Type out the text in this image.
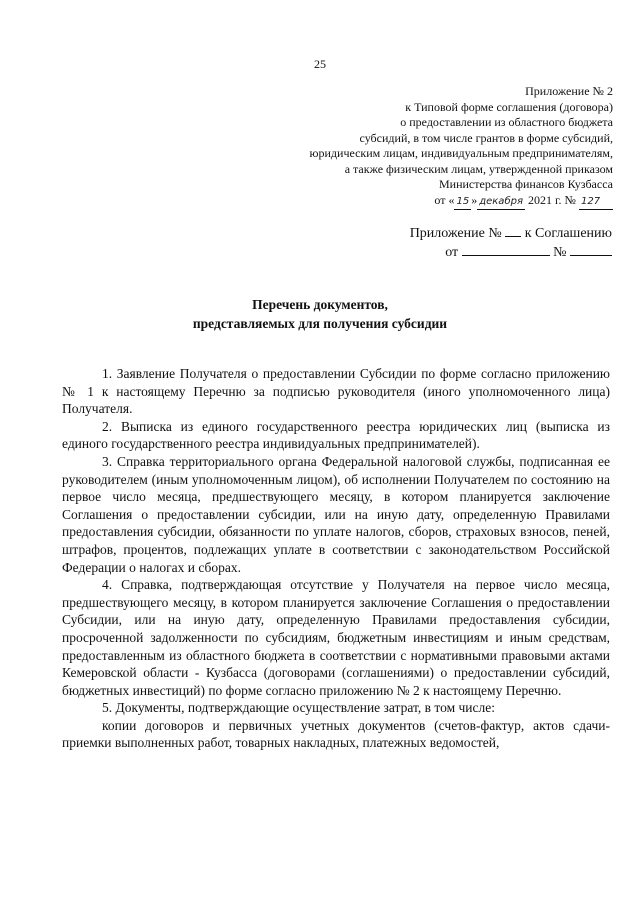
25
Приложение № 2
к Типовой форме соглашения (договора)
о предоставлении из областного бюджета
субсидий, в том числе грантов в форме субсидий,
юридическим лицам, индивидуальным предпринимателям,
а также физическим лицам, утвержденной приказом
Министерства финансов Кузбасса
от « 15 » декабря 2021 г. № 127
Приложение №  к Соглашению
от	№
Перечень документов,
представляемых для получения субсидии

1. Заявление Получателя о предоставлении Субсидии по форме согласно приложению № 1 к настоящему Перечню за подписью руководителя (иного уполномоченного лица) Получателя.

2. Выписка из единого государственного реестра юридических лиц (выписка из единого государственного реестра индивидуальных предпринимателей).

3. Справка территориального органа Федеральной налоговой службы, подписанная ее руководителем (иным уполномоченным лицом), об исполнении Получателем по состоянию на первое число месяца, предшествующего месяцу, в котором планируется заключение Соглашения о предоставлении субсидии, или на иную дату, определенную Правилами предоставления субсидии, обязанности по уплате налогов, сборов, страховых взносов, пеней, штрафов, процентов, подлежащих уплате в соответствии с законодательством Российской Федерации о налогах и сборах.

4. Справка, подтверждающая отсутствие у Получателя на первое число месяца, предшествующего месяцу, в котором планируется заключение Соглашения о предоставлении Субсидии, или на иную дату, определенную Правилами предоставления субсидии, просроченной задолженности по субсидиям, бюджетным инвестициям и иным средствам, предоставленным из областного бюджета в соответствии с нормативными правовыми актами Кемеровской области - Кузбасса (договорами (соглашениями) о предоставлении субсидий, бюджетных инвестиций) по форме согласно приложению № 2 к настоящему Перечню.

5. Документы, подтверждающие осуществление затрат, в том числе:

копии договоров и первичных учетных документов (счетов-фактур, актов сдачи-приемки выполненных работ, товарных накладных, платежных ведомостей,
